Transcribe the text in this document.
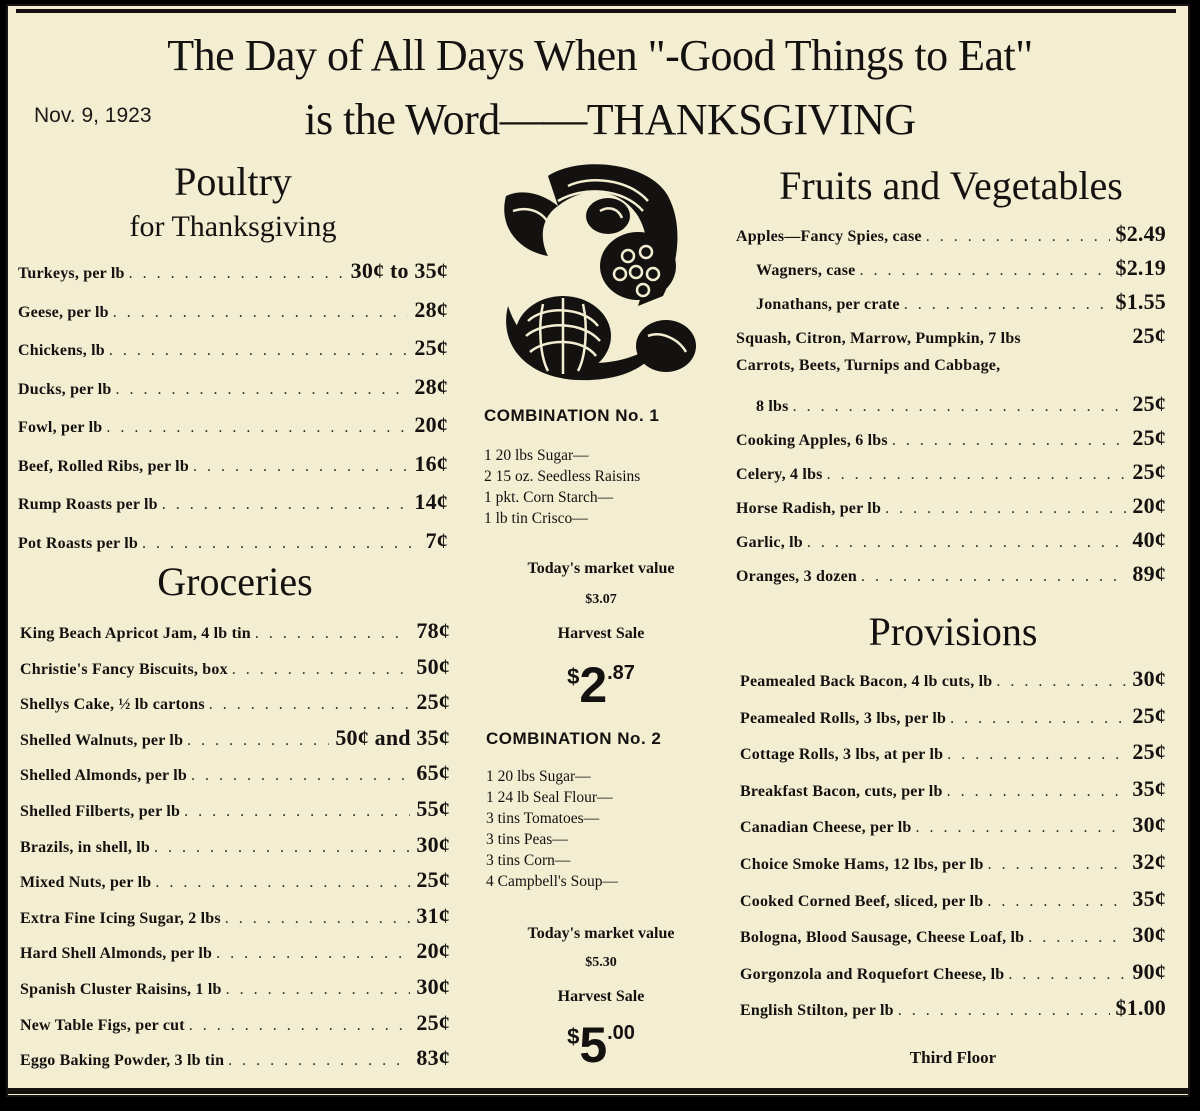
The Day of All Days When "-Good Things to Eat"
is the Word——THANKSGIVING
Nov. 9, 1923
Poultry
for Thanksgiving
Turkeys, per lb . . .	30¢ to 35¢
Geese, per lb . . .	28¢
Chickens, lb . . .	25¢
Ducks, per lb . . .	28¢
Fowl, per lb . . .	20¢
Beef, Rolled Ribs, per lb . . .	16¢
Rump Roasts per lb . . .	14¢
Pot Roasts per lb . . .	7¢
Groceries
King Beach Apricot Jam, 4 lb tin . . .	78¢
Christie's Fancy Biscuits, box . . .	50¢
Shellys Cake, ½ lb cartons . . .	25¢
Shelled Walnuts, per lb . . .	50¢ and 35¢
Shelled Almonds, per lb . . .	65¢
Shelled Filberts, per lb . . .	55¢
Brazils, in shell, lb . . .	30¢
Mixed Nuts, per lb . . .	25¢
Extra Fine Icing Sugar, 2 lbs . . .	31¢
Hard Shell Almonds, per lb . . .	20¢
Spanish Cluster Raisins, 1 lb . . .	30¢
New Table Figs, per cut . . .	25¢
Eggo Baking Powder, 3 lb tin . . .	83¢
COMBINATION No. 1
1 20 lbs Sugar—
2 15 oz. Seedless Raisins
1 pkt. Corn Starch—
1 lb tin Crisco—
Today's market value
$3.07
Harvest Sale
$2.87
COMBINATION No. 2
1 20 lbs Sugar—
1 24 lb Seal Flour—
3 tins Tomatoes—
3 tins Peas—
3 tins Corn—
4 Campbell's Soup—
Today's market value
$5.30
Harvest Sale
$5.00
Fruits and Vegetables
Apples—Fancy Spies, case . . .	$2.49
Wagners, case . . .	$2.19
Jonathans, per crate . . .	$1.55
Squash, Citron, Marrow, Pumpkin, 7 lbs	25¢
Carrots, Beets, Turnips and Cabbage,
8 lbs . . .	25¢
Cooking Apples, 6 lbs . . .	25¢
Celery, 4 lbs . . .	25¢
Horse Radish, per lb . . .	20¢
Garlic, lb . . .	40¢
Oranges, 3 dozen . . .	89¢
Provisions
Peamealed Back Bacon, 4 lb cuts, lb . . .	30¢
Peamealed Rolls, 3 lbs, per lb . . .	25¢
Cottage Rolls, 3 lbs, at per lb . . .	25¢
Breakfast Bacon, cuts, per lb . . .	35¢
Canadian Cheese, per lb . . .	30¢
Choice Smoke Hams, 12 lbs, per lb . . .	32¢
Cooked Corned Beef, sliced, per lb . . .	35¢
Bologna, Blood Sausage, Cheese Loaf, lb . . .	30¢
Gorgonzola and Roquefort Cheese, lb . . .	90¢
English Stilton, per lb . . .	$1.00
Third Floor
